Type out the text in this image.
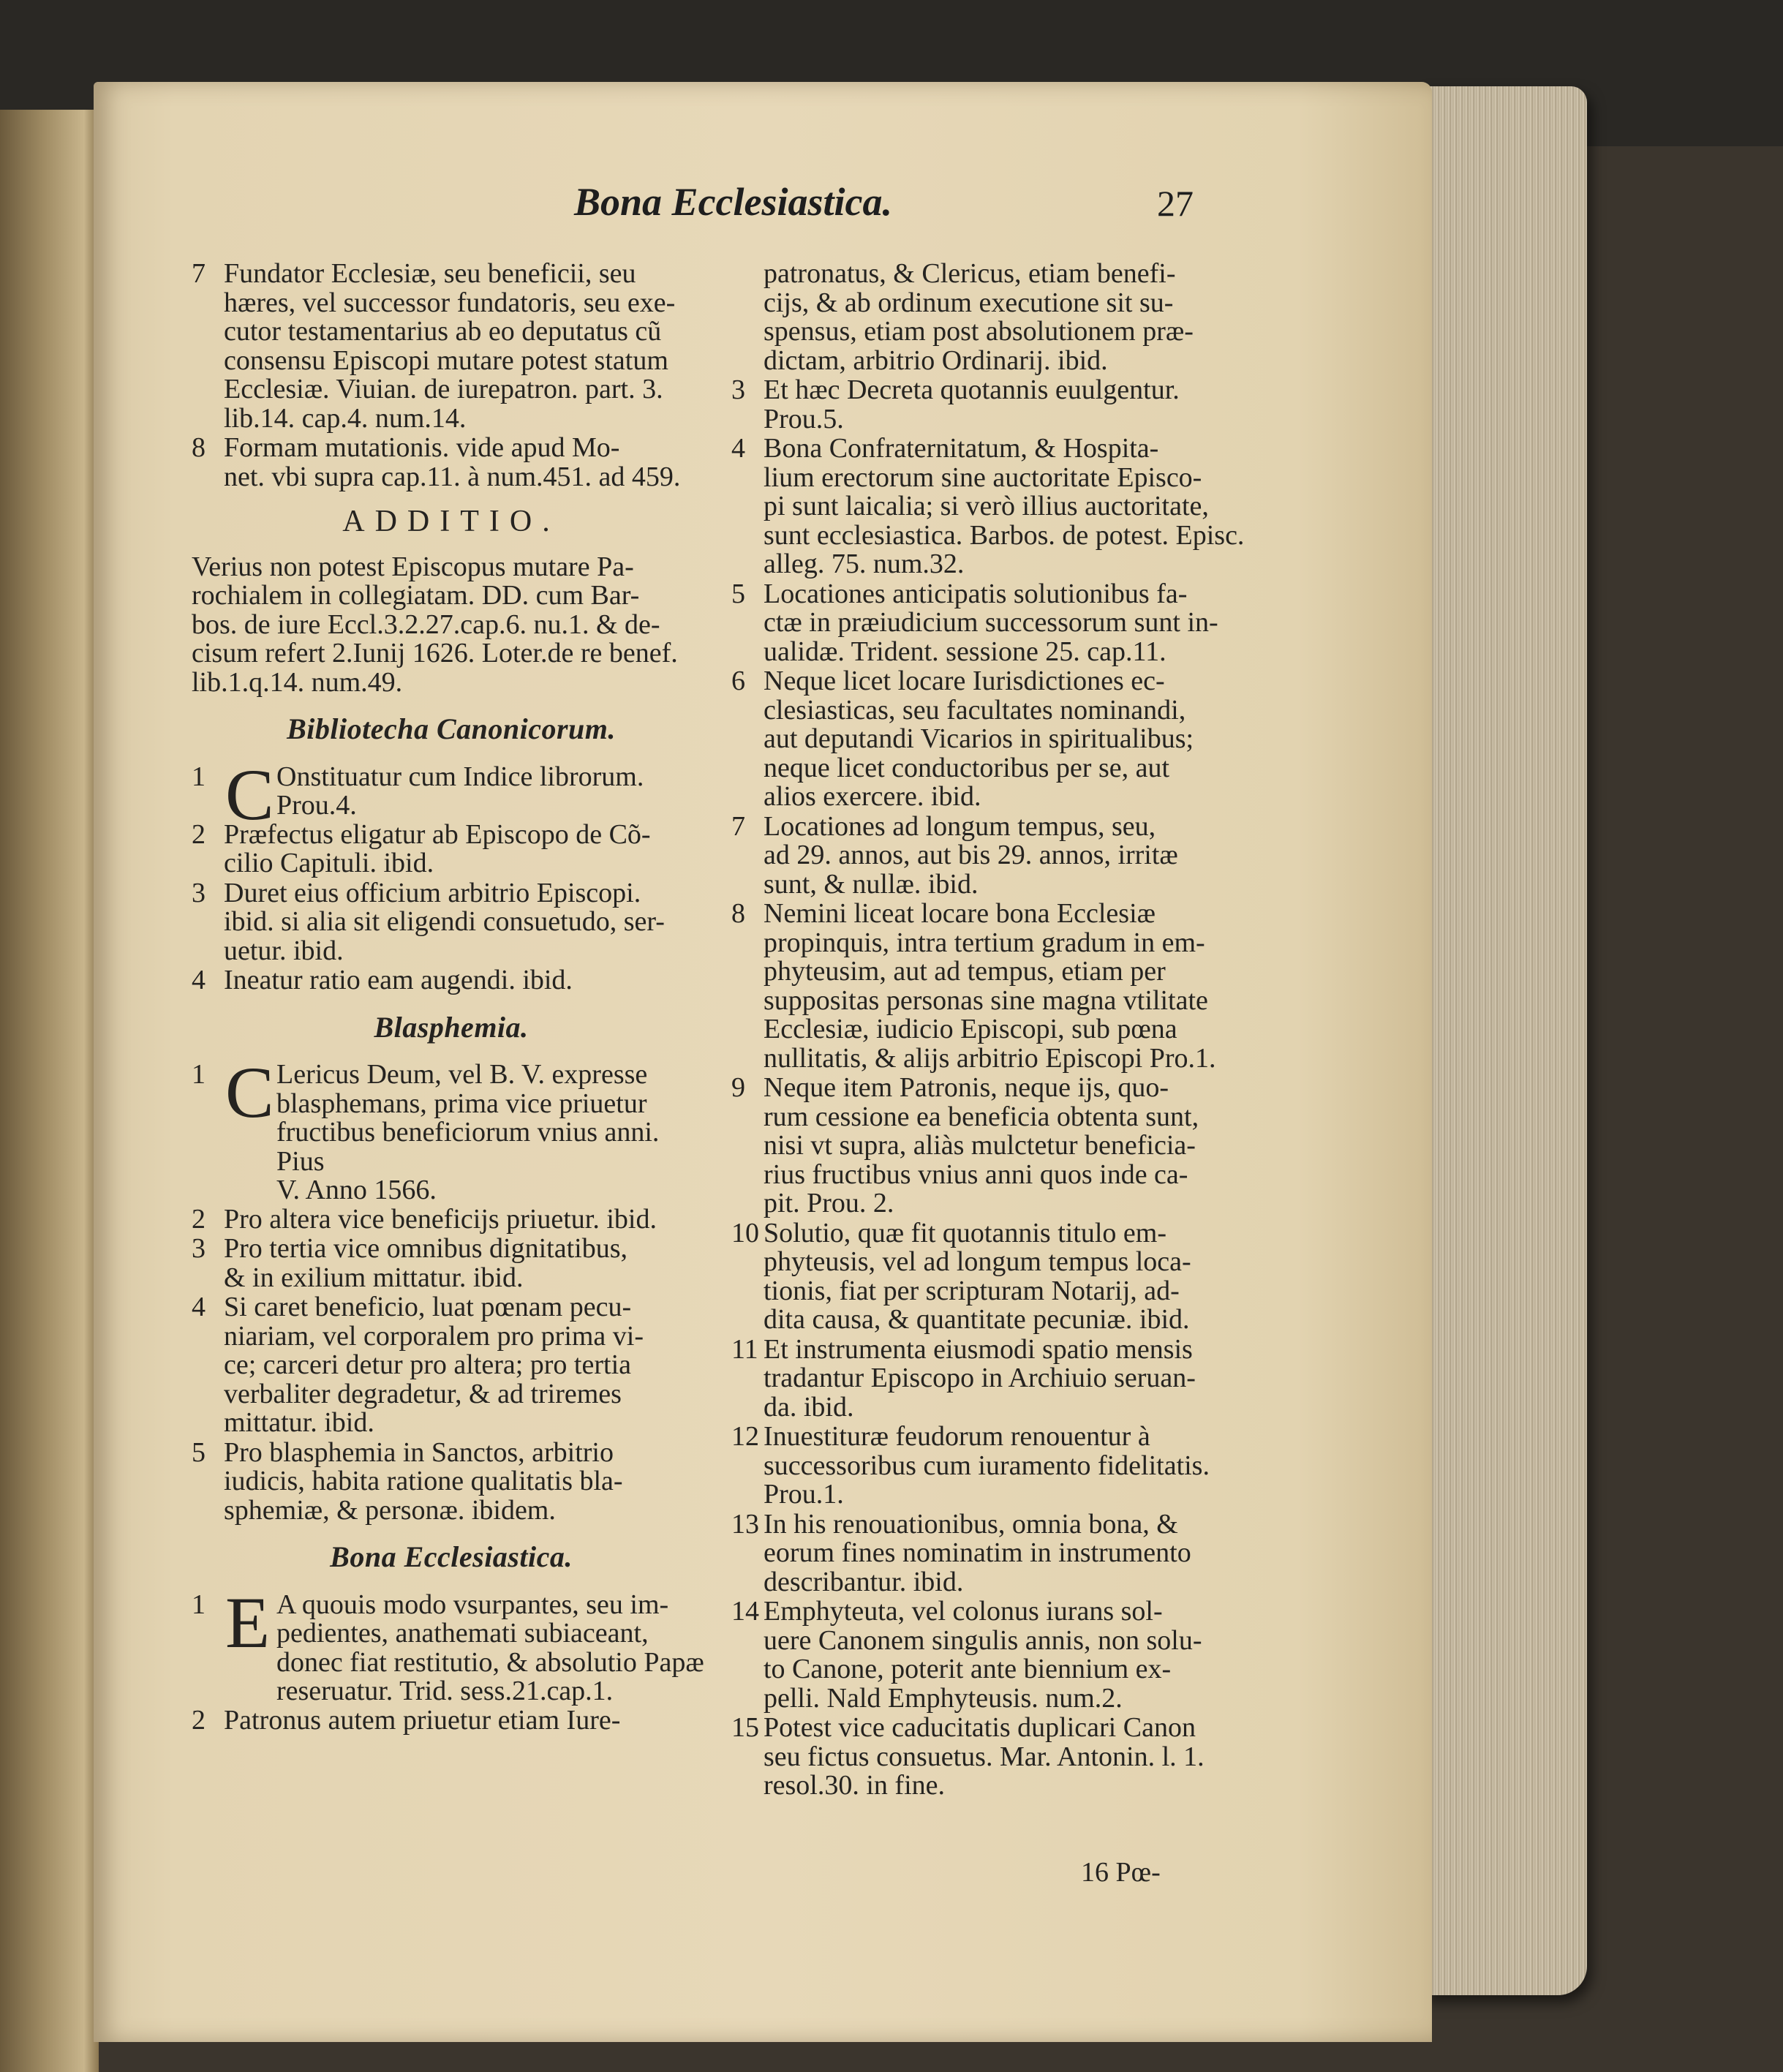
Bona Ecclesiastica.	27
7 Fundator Ecclesiæ, seu beneficii, seu
hæres, vel successor fundatoris, seu exe-
cutor testamentarius ab eo deputatus cũ
consensu Episcopi mutare potest statum
Ecclesiæ. Viuian. de iurepatron. part. 3.
lib.14. cap.4. num.14.
8 Formam mutationis. vide apud Mo-
net. vbi supra cap.11. à num.451. ad 459.
ADDITIO.
Verius non potest Episcopus mutare Pa-
rochialem in collegiatam. DD. cum Bar-
bos. de iure Eccl.3.2.27.cap.6. nu.1. & de-
cisum refert 2.Iunij 1626. Loter.de re benef.
lib.1.q.14. num.49.
Bibliotecha Canonicorum.
1 C Onstituatur cum Indice librorum.
Prou.4.
2 Præfectus eligatur ab Episcopo de Cõ-
cilio Capituli. ibid.
3 Duret eius officium arbitrio Episcopi.
ibid. si alia sit eligendi consuetudo, ser-
uetur. ibid.
4 Ineatur ratio eam augendi. ibid.
Blasphemia.
1 C Lericus Deum, vel B. V. expresse
blasphemans, prima vice priuetur
fructibus beneficiorum vnius anni. Pius
V. Anno 1566.
2 Pro altera vice beneficijs priuetur. ibid.
3 Pro tertia vice omnibus dignitatibus,
& in exilium mittatur. ibid.
4 Si caret beneficio, luat pœnam pecu-
niariam, vel corporalem pro prima vi-
ce; carceri detur pro altera; pro tertia
verbaliter degradetur, & ad triremes
mittatur. ibid.
5 Pro blasphemia in Sanctos, arbitrio
iudicis, habita ratione qualitatis bla-
sphemiæ, & personæ. ibidem.
Bona Ecclesiastica.
1 E A quouis modo vsurpantes, seu im-
pedientes, anathemati subiaceant,
donec fiat restitutio, & absolutio Papæ
reseruatur. Trid. sess.21.cap.1.
2 Patronus autem priuetur etiam Iure-
patronatus, & Clericus, etiam benefi-
cijs, & ab ordinum executione sit su-
spensus, etiam post absolutionem præ-
dictam, arbitrio Ordinarij. ibid.
3 Et hæc Decreta quotannis euulgentur.
Prou.5.
4 Bona Confraternitatum, & Hospita-
lium erectorum sine auctoritate Episco-
pi sunt laicalia; si verò illius auctoritate,
sunt ecclesiastica. Barbos. de potest. Episc.
alleg. 75. num.32.
5 Locationes anticipatis solutionibus fa-
ctæ in præiudicium successorum sunt in-
ualidæ. Trident. sessione 25. cap.11.
6 Neque licet locare Iurisdictiones ec-
clesiasticas, seu facultates nominandi,
aut deputandi Vicarios in spiritualibus;
neque licet conductoribus per se, aut
alios exercere. ibid.
7 Locationes ad longum tempus, seu,
ad 29. annos, aut bis 29. annos, irritæ
sunt, & nullæ. ibid.
8 Nemini liceat locare bona Ecclesiæ
propinquis, intra tertium gradum in em-
phyteusim, aut ad tempus, etiam per
suppositas personas sine magna vtilitate
Ecclesiæ, iudicio Episcopi, sub pœna
nullitatis, & alijs arbitrio Episcopi Pro.1.
9 Neque item Patronis, neque ijs, quo-
rum cessione ea beneficia obtenta sunt,
nisi vt supra, aliàs mulctetur beneficia-
rius fructibus vnius anni quos inde ca-
pit. Prou. 2.
10 Solutio, quæ fit quotannis titulo em-
phyteusis, vel ad longum tempus loca-
tionis, fiat per scripturam Notarij, ad-
dita causa, & quantitate pecuniæ. ibid.
11 Et instrumenta eiusmodi spatio mensis
tradantur Episcopo in Archiuio seruan-
da. ibid.
12 Inuestituræ feudorum renouentur à
successoribus cum iuramento fidelitatis.
Prou.1.
13 In his renouationibus, omnia bona, &
eorum fines nominatim in instrumento
describantur. ibid.
14 Emphyteuta, vel colonus iurans sol-
uere Canonem singulis annis, non solu-
to Canone, poterit ante biennium ex-
pelli. Nald Emphyteusis. num.2.
15 Potest vice caducitatis duplicari Canon
seu fictus consuetus. Mar. Antonin. l. 1.
resol.30. in fine.
16 Pœ-
